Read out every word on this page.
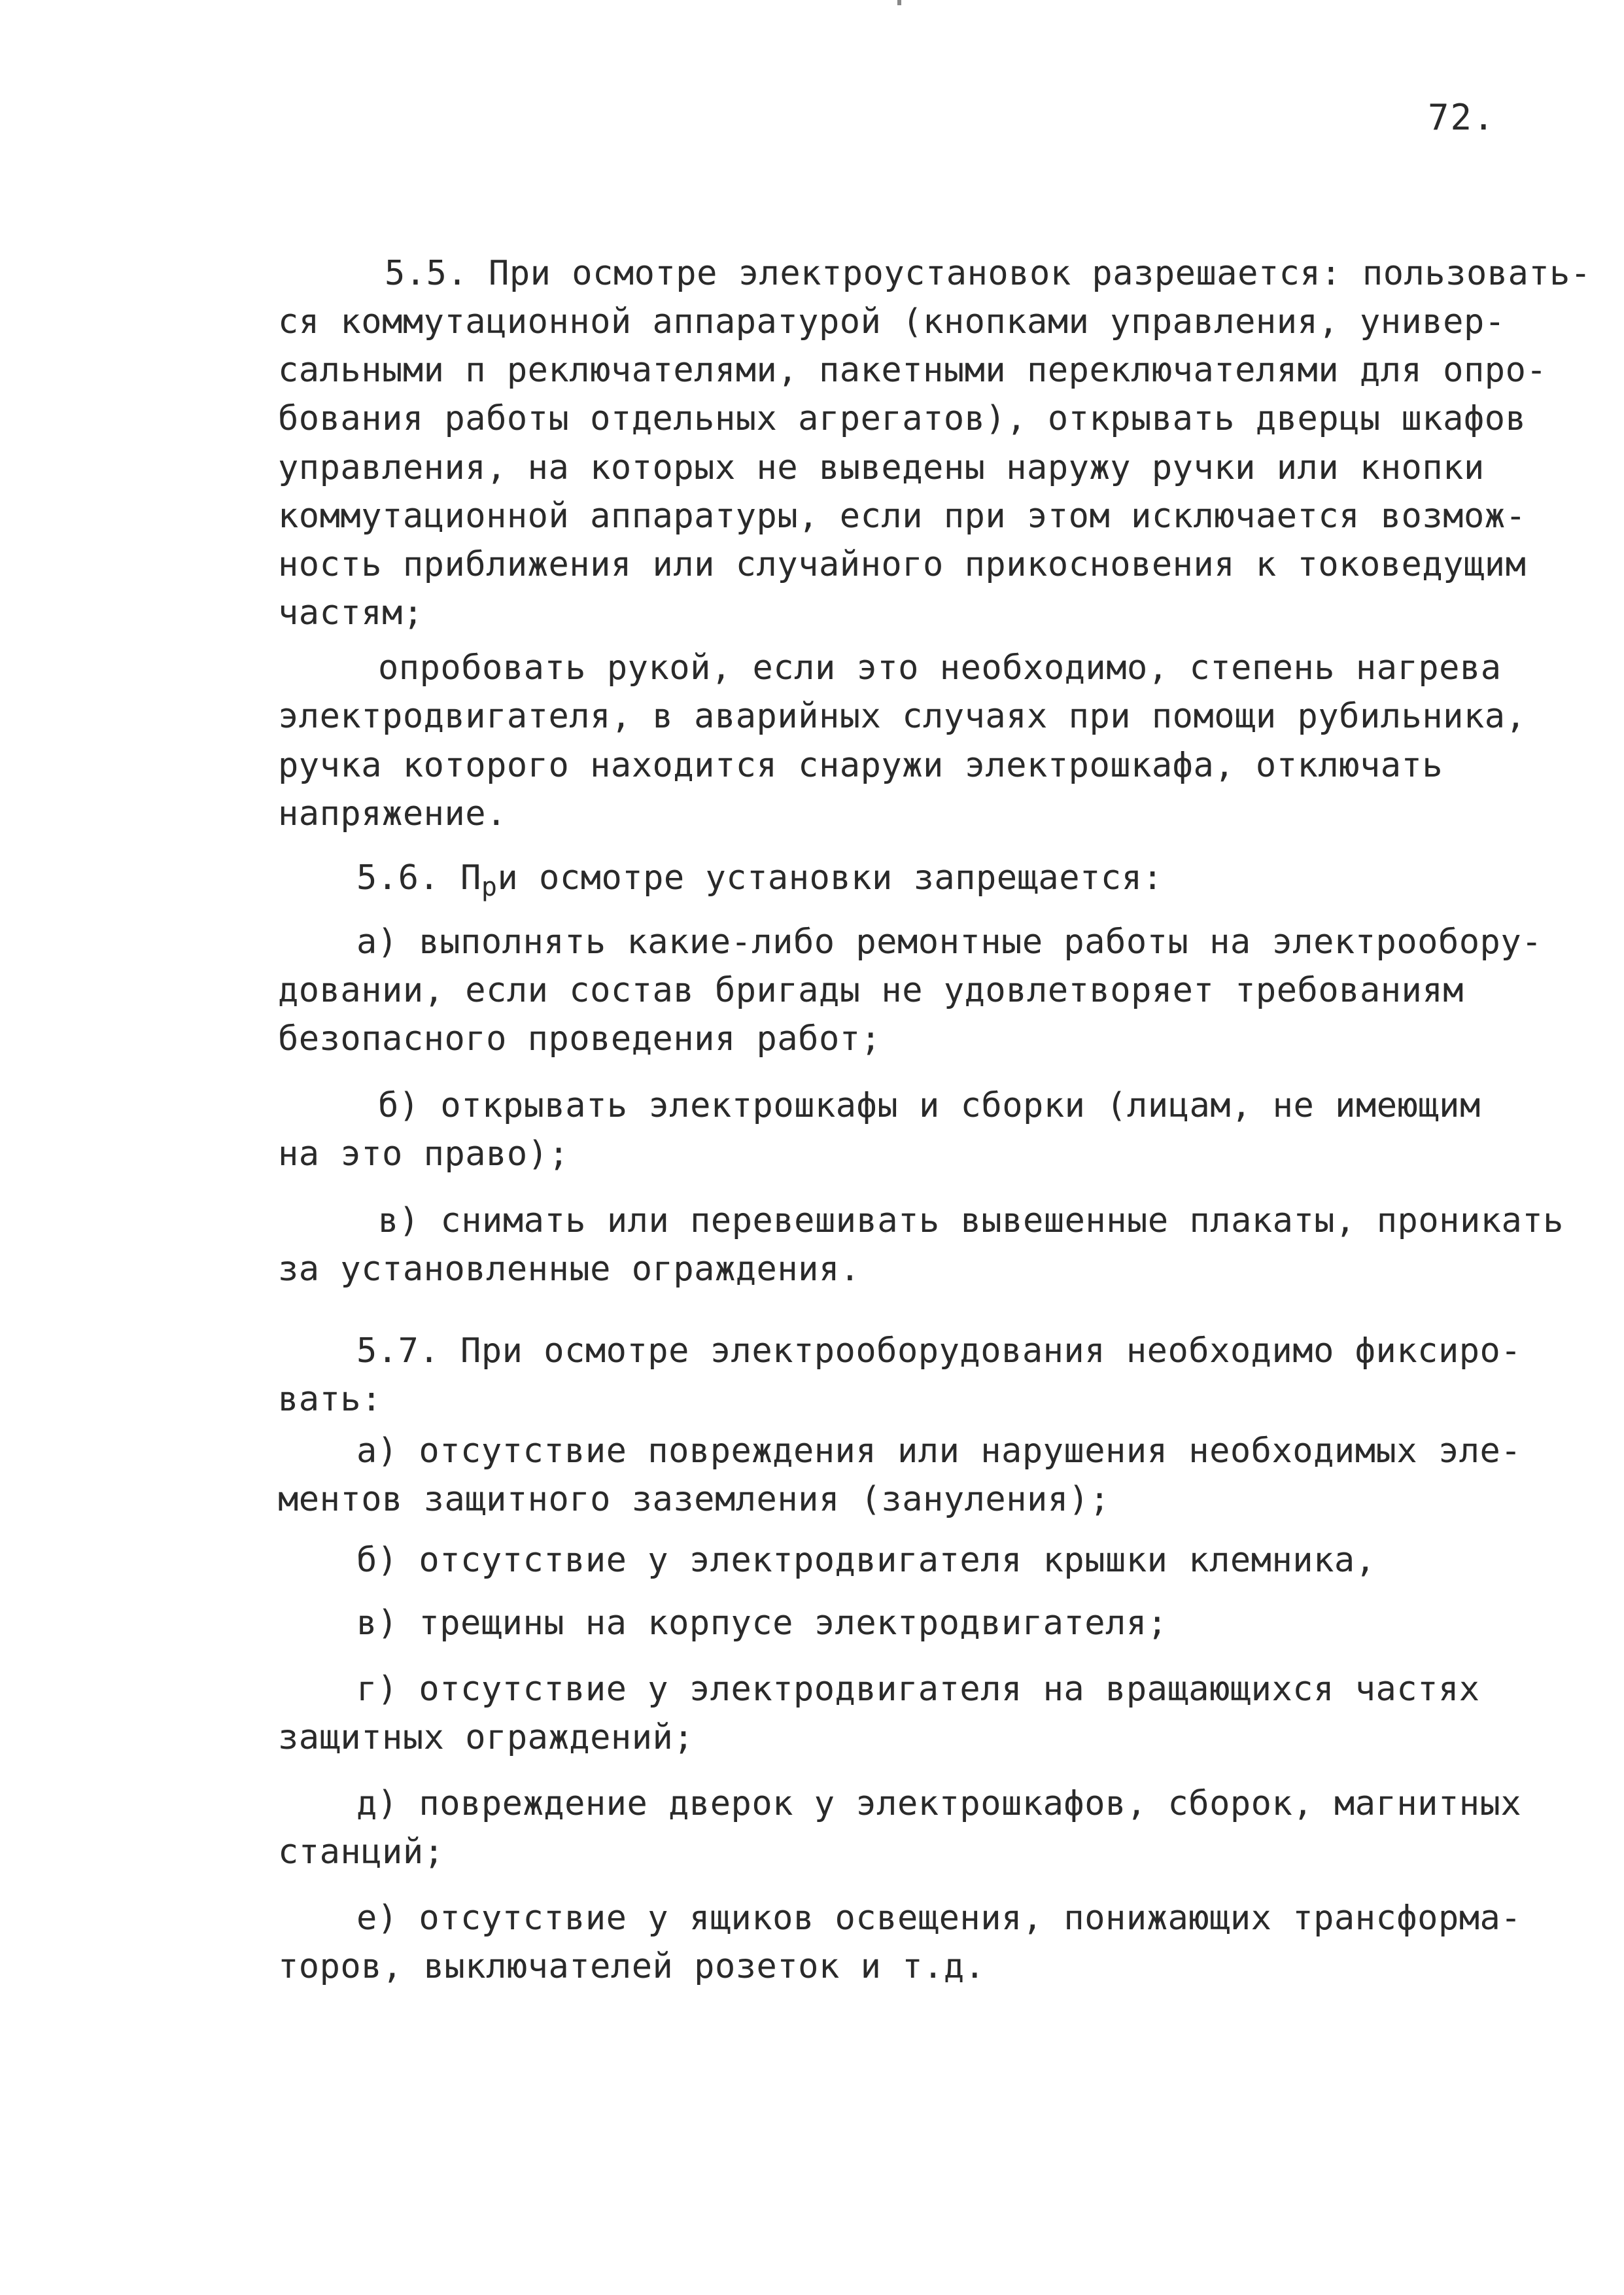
72.
5.5. При осмотре электроустановок разрешается: пользовать-
ся коммутационной аппаратурой (кнопками управления, универ-
сальными п реключателями, пакетными переключателями для опро-
бования работы отдельных агрегатов), открывать дверцы шкафов
управления, на которых не выведены наружу ручки или кнопки
коммутационной аппаратуры, если при этом исключается возмож-
ность приближения или случайного прикосновения к токоведущим
частям;
опробовать рукой, если это необходимо, степень нагрева
электродвигателя, в аварийных случаях при помощи рубильника,
ручка которого находится снаружи электрошкафа, отключать
напряжение.
5.6. При осмотре установки запрещается:
а) выполнять какие-либо ремонтные работы на электрообору-
довании, если состав бригады не удовлетворяет требованиям
безопасного проведения работ;
б) открывать электрошкафы и сборки (лицам, не имеющим
на это право);
в) снимать или перевешивать вывешенные плакаты, проникать
за установленные ограждения.
5.7. При осмотре электрооборудования необходимо фиксиро-
вать:
а) отсутствие повреждения или нарушения необходимых эле-
ментов защитного заземления (зануления);
б) отсутствие у электродвигателя крышки клемника,
в) трещины на корпусе электродвигателя;
г) отсутствие у электродвигателя на вращающихся частях
защитных ограждений;
д) повреждение дверок у электрошкафов, сборок, магнитных
станций;
е) отсутствие у ящиков освещения, понижающих трансформа-
торов, выключателей розеток и т.д.
